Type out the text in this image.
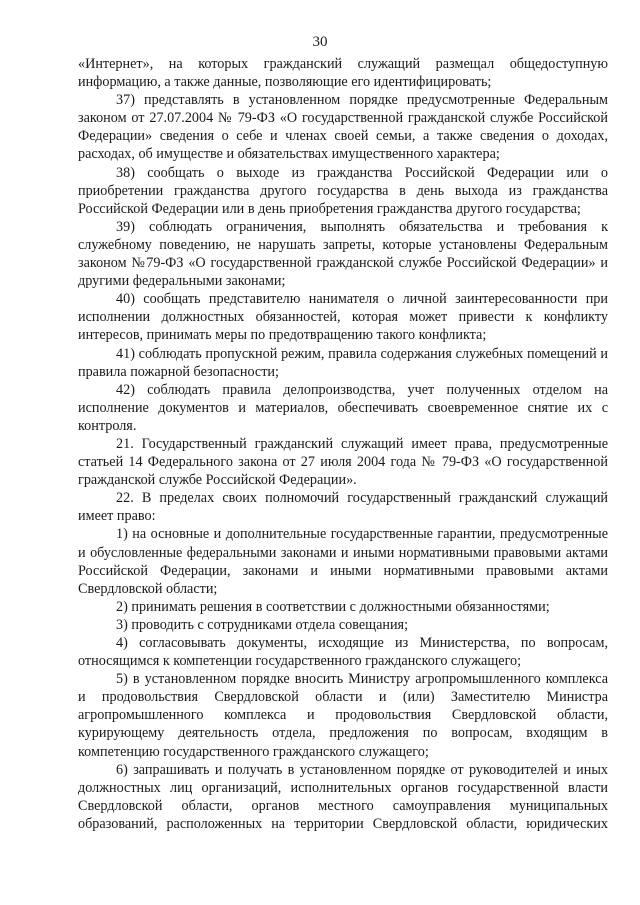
30

«Интернет», на которых гражданский служащий размещал общедоступную информацию, а также данные, позволяющие его идентифицировать;

37) представлять в установленном порядке предусмотренные Федеральным законом от 27.07.2004 № 79-ФЗ «О государственной гражданской службе Российской Федерации» сведения о себе и членах своей семьи, а также сведения о доходах, расходах, об имуществе и обязательствах имущественного характера;

38) сообщать о выходе из гражданства Российской Федерации или о приобретении гражданства другого государства в день выхода из гражданства Российской Федерации или в день приобретения гражданства другого государства;

39) соблюдать ограничения, выполнять обязательства и требования к служебному поведению, не нарушать запреты, которые установлены Федеральным законом №79-ФЗ «О государственной гражданской службе Российской Федерации» и другими федеральными законами;

40) сообщать представителю нанимателя о личной заинтересованности при исполнении должностных обязанностей, которая может привести к конфликту интересов, принимать меры по предотвращению такого конфликта;

41) соблюдать пропускной режим, правила содержания служебных помещений и правила пожарной безопасности;

42) соблюдать правила делопроизводства, учет полученных отделом на исполнение документов и материалов, обеспечивать своевременное снятие их с контроля.

21. Государственный гражданский служащий имеет права, предусмотренные статьей 14 Федерального закона от 27 июля 2004 года № 79-ФЗ «О государственной гражданской службе Российской Федерации».

22. В пределах своих полномочий государственный гражданский служащий имеет право:

1) на основные и дополнительные государственные гарантии, предусмотренные и обусловленные федеральными законами и иными нормативными правовыми актами Российской Федерации, законами и иными нормативными правовыми актами Свердловской области;

2) принимать решения в соответствии с должностными обязанностями;

3) проводить с сотрудниками отдела совещания;

4) согласовывать документы, исходящие из Министерства, по вопросам, относящимся к компетенции государственного гражданского служащего;

5) в установленном порядке вносить Министру агропромышленного комплекса и продовольствия Свердловской области и (или) Заместителю Министра агропромышленного комплекса и продовольствия Свердловской области, курирующему деятельность отдела, предложения по вопросам, входящим в компетенцию государственного гражданского служащего;

6) запрашивать и получать в установленном порядке от руководителей и иных должностных лиц организаций, исполнительных органов государственной власти Свердловской области, органов местного самоуправления муниципальных образований, расположенных на территории Свердловской области, юридических
